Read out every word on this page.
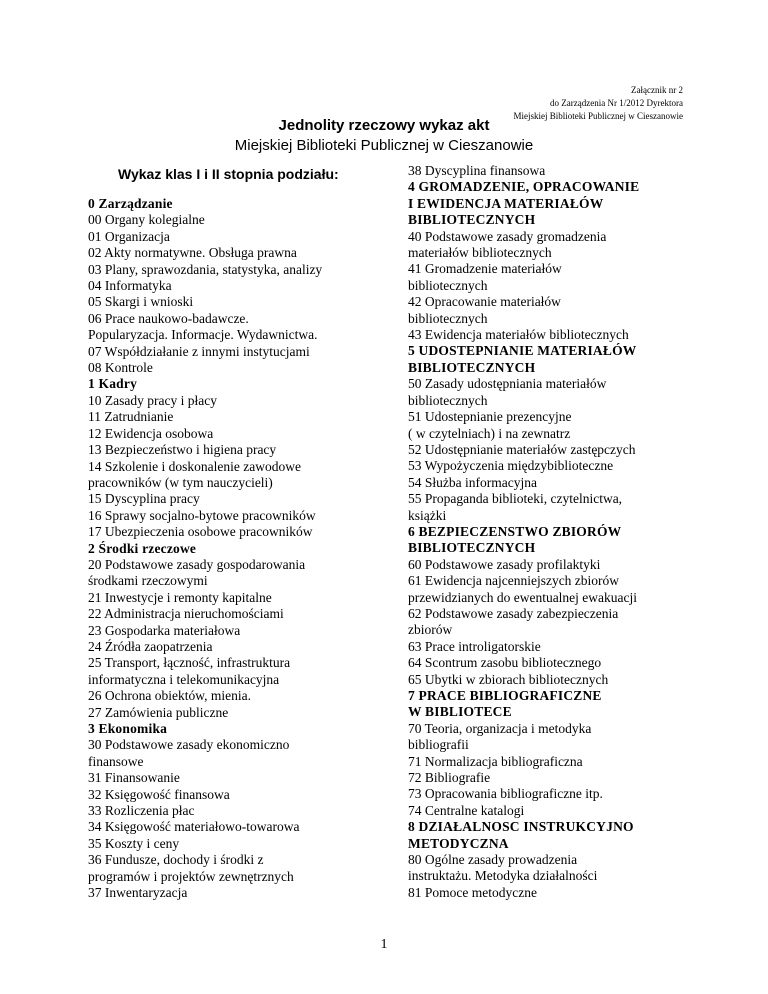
Załącznik nr 2
do Zarządzenia Nr 1/2012 Dyrektora
Miejskiej Biblioteki Publicznej w Cieszanowie
Jednolity rzeczowy wykaz akt
Miejskiej Biblioteki Publicznej w Cieszanowie
Wykaz klas I i II stopnia podziału:
0 Zarządzanie
00 Organy kolegialne
01 Organizacja
02 Akty normatywne. Obsługa prawna
03 Plany, sprawozdania, statystyka, analizy
04 Informatyka
05 Skargi i wnioski
06 Prace naukowo-badawcze.
Popularyzacja. Informacje. Wydawnictwa.
07 Współdziałanie z innymi instytucjami
08 Kontrole
1 Kadry
10 Zasady pracy i płacy
11 Zatrudnianie
12 Ewidencja osobowa
13 Bezpieczeństwo i higiena pracy
14 Szkolenie i doskonalenie zawodowe
pracowników (w tym nauczycieli)
15 Dyscyplina pracy
16 Sprawy socjalno-bytowe pracowników
17 Ubezpieczenia osobowe pracowników
2 Środki rzeczowe
20 Podstawowe zasady gospodarowania
środkami rzeczowymi
21 Inwestycje i remonty kapitalne
22 Administracja nieruchomościami
23 Gospodarka materiałowa
24 Źródła zaopatrzenia
25 Transport, łączność, infrastruktura
informatyczna i telekomunikacyjna
26 Ochrona obiektów, mienia.
27 Zamówienia publiczne
3 Ekonomika
30 Podstawowe zasady ekonomiczno
finansowe
31 Finansowanie
32 Księgowość finansowa
33 Rozliczenia płac
34 Księgowość materiałowo-towarowa
35 Koszty i ceny
36 Fundusze, dochody i środki z
programów i projektów zewnętrznych
37 Inwentaryzacja
38 Dyscyplina finansowa
4 GROMADZENIE, OPRACOWANIE
I EWIDENCJA MATERIAŁÓW
BIBLIOTECZNYCH
40 Podstawowe zasady gromadzenia
materiałów bibliotecznych
41 Gromadzenie materiałów
bibliotecznych
42 Opracowanie materiałów
bibliotecznych
43 Ewidencja materiałów bibliotecznych
5 UDOSTEPNIANIE MATERIAŁÓW
BIBLIOTECZNYCH
50 Zasady udostępniania materiałów
bibliotecznych
51 Udostepnianie prezencyjne
( w czytelniach) i na zewnatrz
52 Udostępnianie materiałów zastępczych
53 Wypożyczenia międzybiblioteczne
54 Służba informacyjna
55 Propaganda biblioteki, czytelnictwa,
książki
6 BEZPIECZENSTWO ZBIORÓW
BIBLIOTECZNYCH
60 Podstawowe zasady profilaktyki
61 Ewidencja najcenniejszych zbiorów
przewidzianych do ewentualnej ewakuacji
62 Podstawowe zasady zabezpieczenia
zbiorów
63 Prace introligatorskie
64 Scontrum zasobu bibliotecznego
65 Ubytki w zbiorach bibliotecznych
7 PRACE BIBLIOGRAFICZNE
W BIBLIOTECE
70 Teoria, organizacja i metodyka
bibliografii
71 Normalizacja bibliograficzna
72 Bibliografie
73 Opracowania bibliograficzne itp.
74 Centralne katalogi
8 DZIAŁALNOSC INSTRUKCYJNO
METODYCZNA
80 Ogólne zasady prowadzenia
instruktażu. Metodyka działalności
81 Pomoce metodyczne
1
